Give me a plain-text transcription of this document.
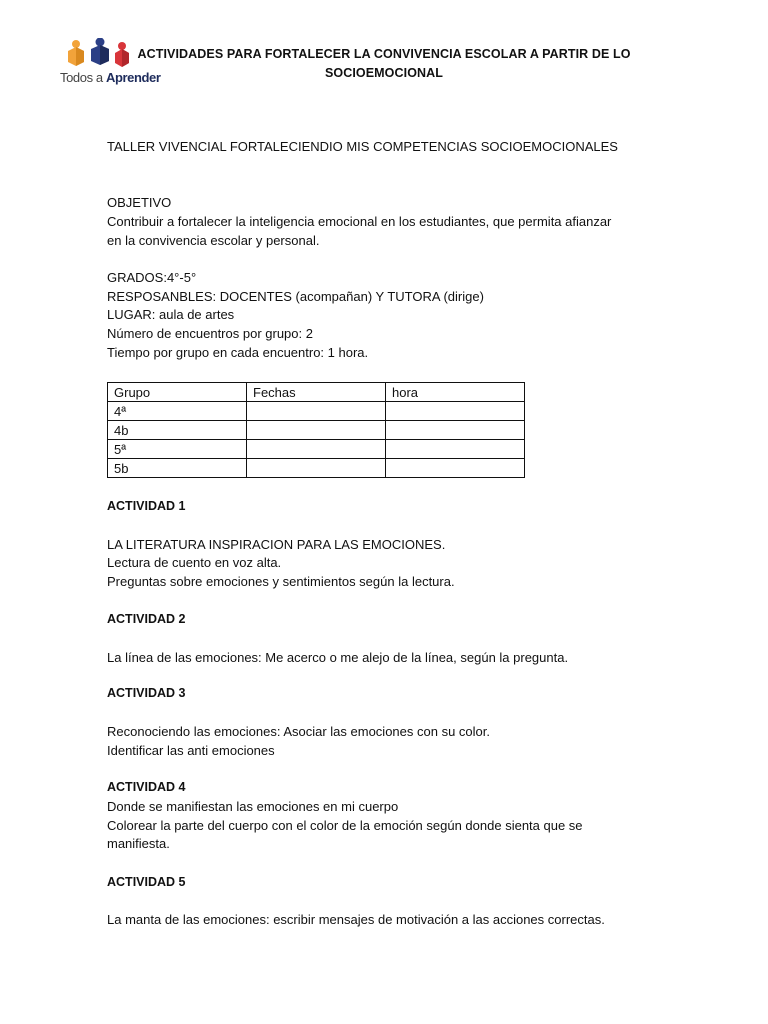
Todos a Aprender
ACTIVIDADES PARA FORTALECER LA CONVIVENCIA ESCOLAR A PARTIR DE LO
SOCIOEMOCIONAL
TALLER VIVENCIAL FORTALECIENDIO MIS COMPETENCIAS SOCIOEMOCIONALES
OBJETIVO
Contribuir a fortalecer la inteligencia emocional en los estudiantes, que permita afianzar
en la convivencia escolar y personal.
GRADOS:4°-5°
RESPOSANBLES: DOCENTES (acompañan) Y TUTORA (dirige)
LUGAR: aula de artes
Número de encuentros por grupo: 2
Tiempo por grupo en cada encuentro: 1 hora.
Grupo	Fechas	hora
4ª		
4b		
5ª		
5b		
ACTIVIDAD 1
LA LITERATURA INSPIRACION PARA LAS EMOCIONES.
Lectura de cuento en voz alta.
Preguntas sobre emociones y sentimientos según la lectura.
ACTIVIDAD 2
La línea de las emociones: Me acerco o me alejo de la línea, según la pregunta.
ACTIVIDAD 3
Reconociendo las emociones: Asociar las emociones con su color.
Identificar las anti emociones
ACTIVIDAD 4
Donde se manifiestan las emociones en mi cuerpo
Colorear la parte del cuerpo con el color de la emoción según donde sienta que se
manifiesta.
ACTIVIDAD 5
La manta de las emociones: escribir mensajes de motivación a las acciones correctas.
